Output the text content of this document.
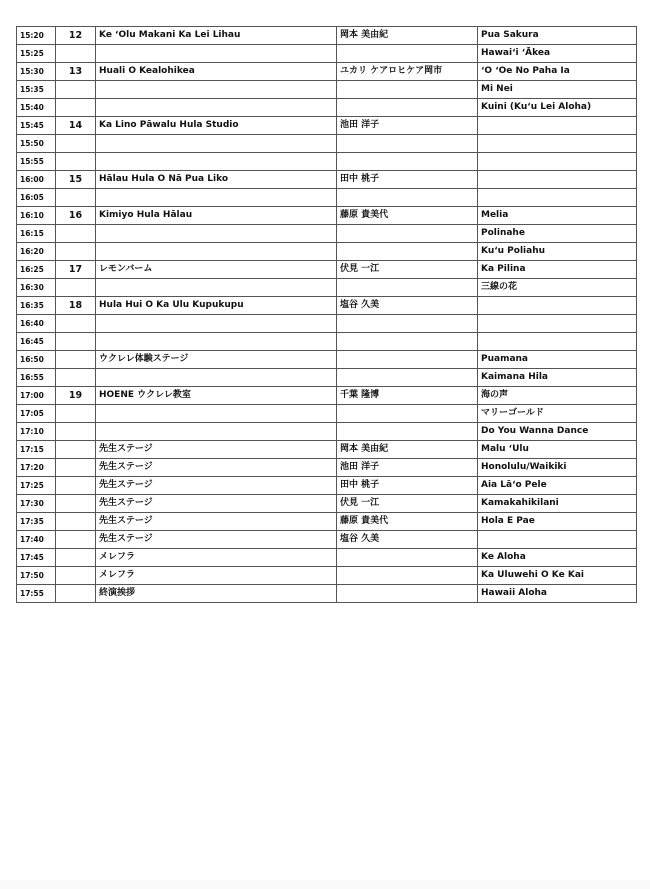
15:20	12	Ke ʻOlu Makani Ka Lei Lihau	岡本 美由紀	Pua Sakura
15:25				Hawaiʻi ʻĀkea
15:30	13	Huali O Kealohikea	ユカリ ケアロヒケア岡市	ʻO ʻOe No Paha Ia
15:35				Mi Nei
15:40				Kuini (Kuʻu Lei Aloha)
15:45	14	Ka Lino Pāwalu Hula Studio	池田 洋子	
15:50				
15:55				
16:00	15	Hālau Hula O Nā Pua Liko	田中 桃子	
16:05				
16:10	16	Kimiyo Hula Hālau	藤原 貴美代	Melia
16:15				Polinahe
16:20				Kuʻu Poliahu
16:25	17	レモンバーム	伏見 一江	Ka Pilina
16:30				三線の花
16:35	18	Hula Hui O Ka Ulu Kupukupu	塩谷 久美	
16:40				
16:45				
16:50		ウクレレ体験ステージ		Puamana
16:55				Kaimana Hila
17:00	19	HOENE ウクレレ教室	千葉 隆博	海の声
17:05				マリーゴールド
17:10				Do You Wanna Dance
17:15		先生ステージ	岡本 美由紀	Malu ʻUlu
17:20		先生ステージ	池田 洋子	Honolulu/Waikiki
17:25		先生ステージ	田中 桃子	Aia Lāʻo Pele
17:30		先生ステージ	伏見 一江	Kamakahikilani
17:35		先生ステージ	藤原 貴美代	Hola E Pae
17:40		先生ステージ	塩谷 久美	
17:45		メレフラ		Ke Aloha
17:50		メレフラ		Ka Uluwehi O Ke Kai
17:55		終演挨拶		Hawaii Aloha
